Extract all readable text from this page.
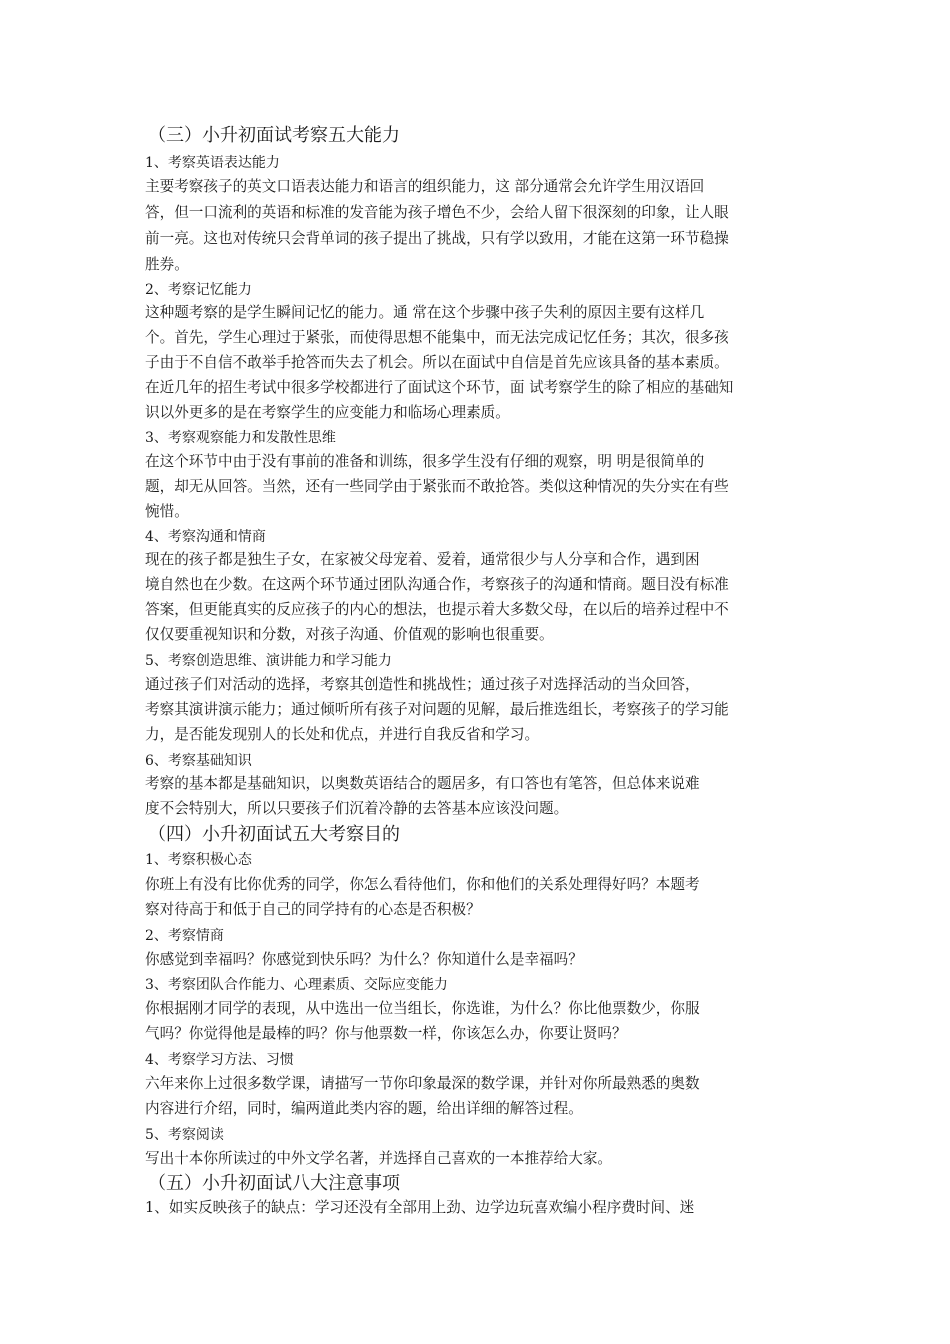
（三）小升初面试考察五大能力
1、考察英语表达能力
主要考察孩子的英文口语表达能力和语言的组织能力，这 部分通常会允许学生用汉语回
答，但一口流利的英语和标准的发音能为孩子增色不少，会给人留下很深刻的印象，让人眼
前一亮。这也对传统只会背单词的孩子提出了挑战，只有学以致用，才能在这第一环节稳操
胜券。
2、考察记忆能力
这种题考察的是学生瞬间记忆的能力。通 常在这个步骤中孩子失利的原因主要有这样几
个。首先，学生心理过于紧张，而使得思想不能集中，而无法完成记忆任务；其次，很多孩
子由于不自信不敢举手抢答而失去了机会。所以在面试中自信是首先应该具备的基本素质。
在近几年的招生考试中很多学校都进行了面试这个环节，面 试考察学生的除了相应的基础知
识以外更多的是在考察学生的应变能力和临场心理素质。
3、考察观察能力和发散性思维
在这个环节中由于没有事前的准备和训练，很多学生没有仔细的观察，明 明是很简单的
题，却无从回答。当然，还有一些同学由于紧张而不敢抢答。类似这种情况的失分实在有些
惋惜。
4、考察沟通和情商
现在的孩子都是独生子女，在家被父母宠着、爱着，通常很少与人分享和合作，遇到困
境自然也在少数。在这两个环节通过团队沟通合作，考察孩子的沟通和情商。题目没有标准
答案，但更能真实的反应孩子的内心的想法，也提示着大多数父母，在以后的培养过程中不
仅仅要重视知识和分数，对孩子沟通、价值观的影响也很重要。
5、考察创造思维、演讲能力和学习能力
通过孩子们对活动的选择，考察其创造性和挑战性；通过孩子对选择活动的当众回答，
考察其演讲演示能力；通过倾听所有孩子对问题的见解，最后推选组长，考察孩子的学习能
力，是否能发现别人的长处和优点，并进行自我反省和学习。
6、考察基础知识
考察的基本都是基础知识，以奥数英语结合的题居多，有口答也有笔答，但总体来说难
度不会特别大，所以只要孩子们沉着冷静的去答基本应该没问题。
（四）小升初面试五大考察目的
1、考察积极心态
你班上有没有比你优秀的同学，你怎么看待他们，你和他们的关系处理得好吗？本题考
察对待高于和低于自己的同学持有的心态是否积极？
2、考察情商
你感觉到幸福吗？你感觉到快乐吗？为什么？你知道什么是幸福吗？
3、考察团队合作能力、心理素质、交际应变能力
你根据刚才同学的表现，从中选出一位当组长，你选谁，为什么？你比他票数少，你服
气吗？你觉得他是最棒的吗？你与他票数一样，你该怎么办，你要让贤吗？
4、考察学习方法、习惯
六年来你上过很多数学课，请描写一节你印象最深的数学课，并针对你所最熟悉的奥数
内容进行介绍，同时，编两道此类内容的题，给出详细的解答过程。
5、考察阅读
写出十本你所读过的中外文学名著，并选择自己喜欢的一本推荐给大家。
（五）小升初面试八大注意事项
1、如实反映孩子的缺点：学习还没有全部用上劲、边学边玩喜欢编小程序费时间、迷
